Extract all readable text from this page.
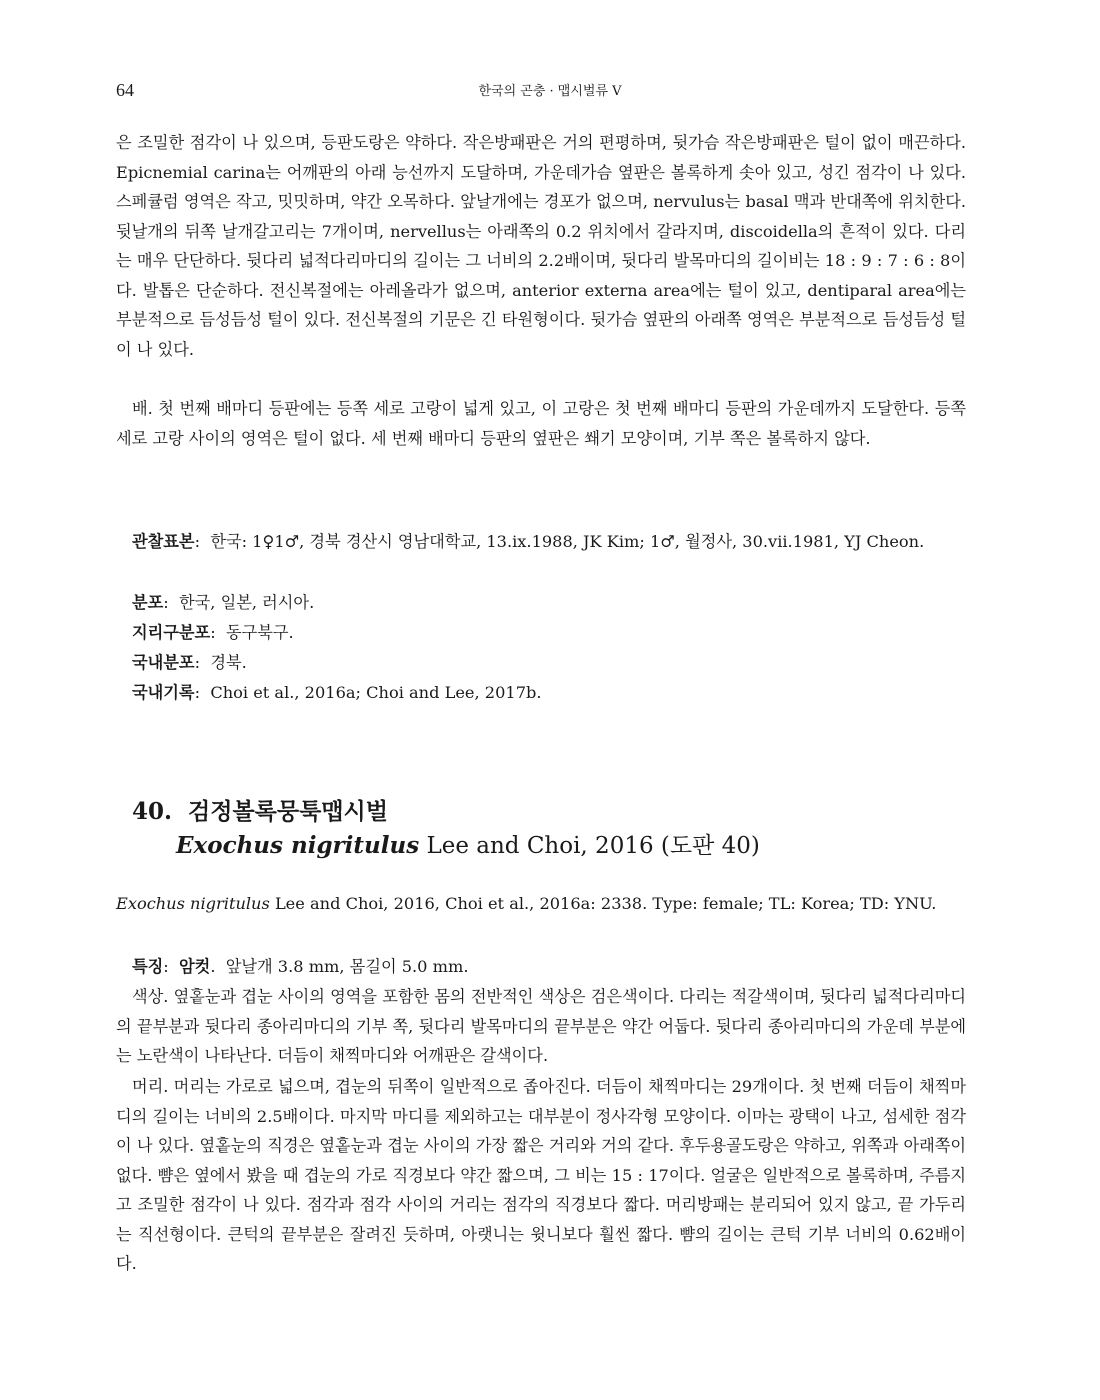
64	한국의 곤충 · 맵시벌류 V

은 조밀한 점각이 나 있으며, 등판도랑은 약하다. 작은방패판은 거의 편평하며, 뒷가슴 작은방패판은 털이 없이 매끈하다. Epicnemial carina는 어깨판의 아래 능선까지 도달하며, 가운데가슴 옆판은 볼록하게 솟아 있고, 성긴 점각이 나 있다. 스페큘럼 영역은 작고, 밋밋하며, 약간 오목하다. 앞날개에는 경포가 없으며, nervulus는 basal 맥과 반대쪽에 위치한다. 뒷날개의 뒤쪽 날개갈고리는 7개이며, nervellus는 아래쪽의 0.2 위치에서 갈라지며, discoidella의 흔적이 있다. 다리는 매우 단단하다. 뒷다리 넓적다리마디의 길이는 그 너비의 2.2배이며, 뒷다리 발목마디의 길이비는 18 : 9 : 7 : 6 : 8이다. 발톱은 단순하다. 전신복절에는 아레올라가 없으며, anterior externa area에는 털이 있고, dentiparal area에는 부분적으로 듬성듬성 털이 있다. 전신복절의 기문은 긴 타원형이다. 뒷가슴 옆판의 아래쪽 영역은 부분적으로 듬성듬성 털이 나 있다.

배. 첫 번째 배마디 등판에는 등쪽 세로 고랑이 넓게 있고, 이 고랑은 첫 번째 배마디 등판의 가운데까지 도달한다. 등쪽 세로 고랑 사이의 영역은 털이 없다. 세 번째 배마디 등판의 옆판은 쐐기 모양이며, 기부 쪽은 볼록하지 않다.

관찰표본:  한국: 1♀1♂, 경북 경산시 영남대학교, 13.ix.1988, JK Kim; 1♂, 월정사, 30.vii.1981, YJ Cheon.

분포:  한국, 일본, 러시아.

지리구분포:  동구북구.

국내분포:  경북.

국내기록:  Choi et al., 2016a; Choi and Lee, 2017b.

40. 검정볼록뭉툭맵시벌
Exochus nigritulus Lee and Choi, 2016 (도판 40)

Exochus nigritulus Lee and Choi, 2016, Choi et al., 2016a: 2338. Type: female; TL: Korea; TD: YNU.

특징:  암컷.  앞날개 3.8 mm, 몸길이 5.0 mm.

색상. 옆홑눈과 겹눈 사이의 영역을 포함한 몸의 전반적인 색상은 검은색이다. 다리는 적갈색이며, 뒷다리 넓적다리마디의 끝부분과 뒷다리 종아리마디의 기부 쪽, 뒷다리 발목마디의 끝부분은 약간 어둡다. 뒷다리 종아리마디의 가운데 부분에는 노란색이 나타난다. 더듬이 채찍마디와 어깨판은 갈색이다.

머리. 머리는 가로로 넓으며, 겹눈의 뒤쪽이 일반적으로 좁아진다. 더듬이 채찍마디는 29개이다. 첫 번째 더듬이 채찍마디의 길이는 너비의 2.5배이다. 마지막 마디를 제외하고는 대부분이 정사각형 모양이다. 이마는 광택이 나고, 섬세한 점각이 나 있다. 옆홑눈의 직경은 옆홑눈과 겹눈 사이의 가장 짧은 거리와 거의 같다. 후두용골도랑은 약하고, 위쪽과 아래쪽이 없다. 뺨은 옆에서 봤을 때 겹눈의 가로 직경보다 약간 짧으며, 그 비는 15 : 17이다. 얼굴은 일반적으로 볼록하며, 주름지고 조밀한 점각이 나 있다. 점각과 점각 사이의 거리는 점각의 직경보다 짧다. 머리방패는 분리되어 있지 않고, 끝 가두리는 직선형이다. 큰턱의 끝부분은 잘려진 듯하며, 아랫니는 윗니보다 훨씬 짧다. 뺨의 길이는 큰턱 기부 너비의 0.62배이다.
